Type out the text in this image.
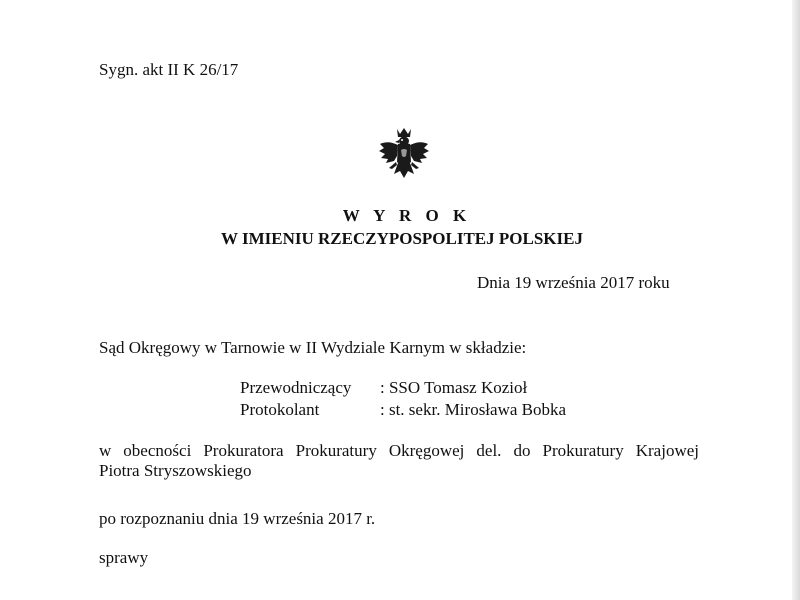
Sygn. akt II K 26/17
W Y R O K
W IMIENIU RZECZYPOSPOLITEJ POLSKIEJ
Dnia 19 września 2017 roku
Sąd Okręgowy w Tarnowie w II Wydziale Karnym w składzie:
Przewodniczący : SSO Tomasz Kozioł
Protokolant	: st. sekr. Mirosława Bobka
w obecności Prokuratora Prokuratury Okręgowej del. do Prokuratury Krajowej
Piotra Stryszowskiego
po rozpoznaniu dnia 19 września 2017 r.
sprawy
